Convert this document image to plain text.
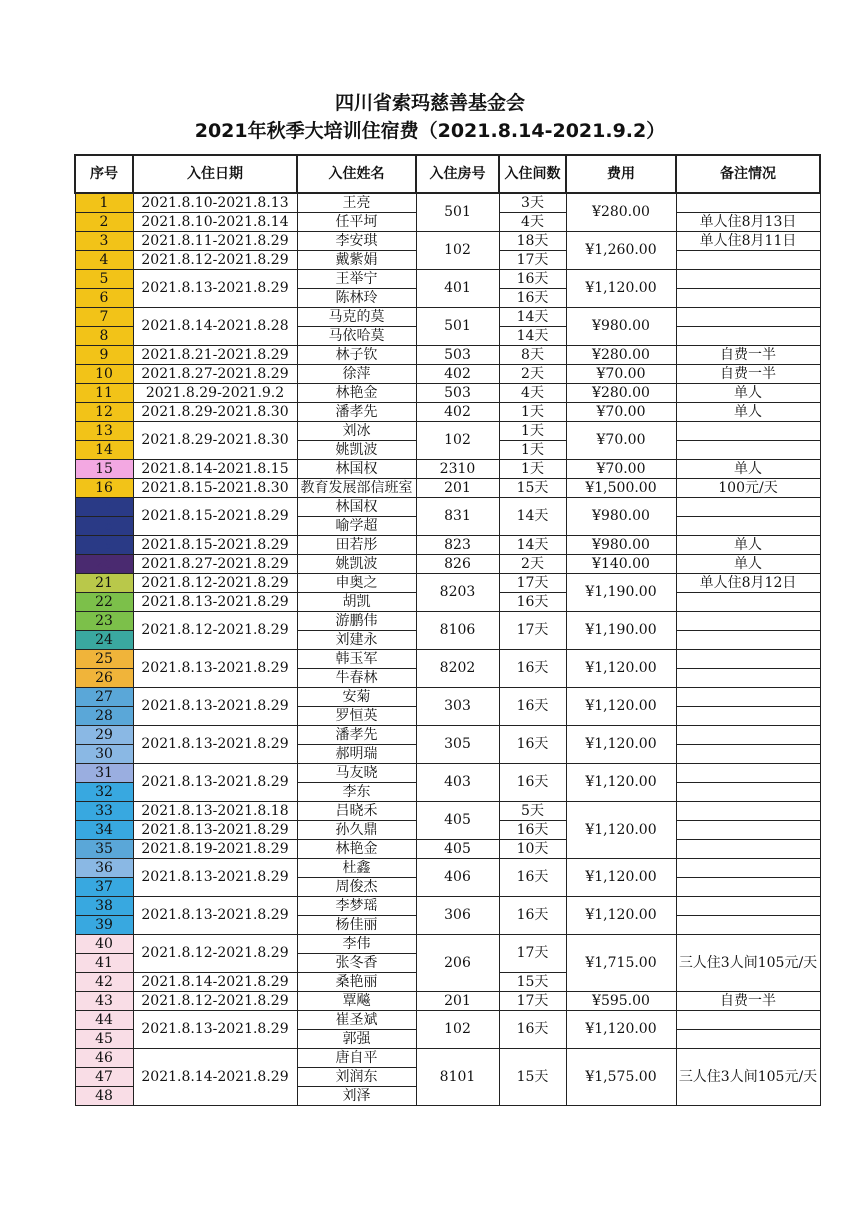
四川省索玛慈善基金会
2021年秋季大培训住宿费（2021.8.14-2021.9.2）
序号	入住日期	入住姓名	入住房号	入住间数	费用	备注情况
1	2021.8.10-2021.8.13	王亮	501	3天	¥280.00	
2	2021.8.10-2021.8.14	任平坷		4天		单人住8月13日
3	2021.8.11-2021.8.29	李安琪	102	18天	¥1,260.00	单人住8月11日
4	2021.8.12-2021.8.29	戴紫娟		17天		
5	2021.8.13-2021.8.29	王举宁	401	16天	¥1,120.00	
6		陈林玲		16天		
7	2021.8.14-2021.8.28	马克的莫	501	14天	¥980.00	
8		马依哈莫		14天		
9	2021.8.21-2021.8.29	林子钦	503	8天	¥280.00	自费一半
10	2021.8.27-2021.8.29	徐萍	402	2天	¥70.00	自费一半
11	2021.8.29-2021.9.2	林艳金	503	4天	¥280.00	单人
12	2021.8.29-2021.8.30	潘孝先	402	1天	¥70.00	单人
13	2021.8.29-2021.8.30	刘冰	102	1天	¥70.00	
14		姚凯波		1天		
15	2021.8.14-2021.8.15	林国权	2310	1天	¥70.00	单人
16	2021.8.15-2021.8.30	教育发展部信班室	201	15天	¥1,500.00	100元/天
17	2021.8.15-2021.8.29	林国权	831	14天	¥980.00	
18		喻学超				
19	2021.8.15-2021.8.29	田若彤	823	14天	¥980.00	单人
20	2021.8.27-2021.8.29	姚凯波	826	2天	¥140.00	单人
21	2021.8.12-2021.8.29	申奥之	8203	17天	¥1,190.00	单人住8月12日
22	2021.8.13-2021.8.29	胡凯		16天		
23	2021.8.12-2021.8.29	游鹏伟	8106	17天	¥1,190.00	
24		刘建永				
25	2021.8.13-2021.8.29	韩玉军	8202	16天	¥1,120.00	
26		牛春林				
27	2021.8.13-2021.8.29	安菊	303	16天	¥1,120.00	
28		罗恒英				
29	2021.8.13-2021.8.29	潘孝先	305	16天	¥1,120.00	
30		郝明瑞				
31	2021.8.13-2021.8.29	马友晓	403	16天	¥1,120.00	
32		李东				
33	2021.8.13-2021.8.18	吕晓禾	405	5天	¥1,120.00	
34	2021.8.13-2021.8.29	孙久鼎		16天		
35	2021.8.19-2021.8.29	林艳金	405	10天		
36	2021.8.13-2021.8.29	杜鑫	406	16天	¥1,120.00	
37		周俊杰				
38	2021.8.13-2021.8.29	李梦瑶	306	16天	¥1,120.00	
39		杨佳丽				
40	2021.8.12-2021.8.29	李伟	206	17天	¥1,715.00	三人住3人间105元/天
41		张冬香				
42	2021.8.14-2021.8.29	桑艳丽		15天		
43	2021.8.12-2021.8.29	覃飚	201	17天	¥595.00	自费一半
44	2021.8.13-2021.8.29	崔圣斌	102	16天	¥1,120.00	
45		郭强				
46	2021.8.14-2021.8.29	唐自平	8101	15天	¥1,575.00	三人住3人间105元/天
47		刘润东				
48		刘泽				
